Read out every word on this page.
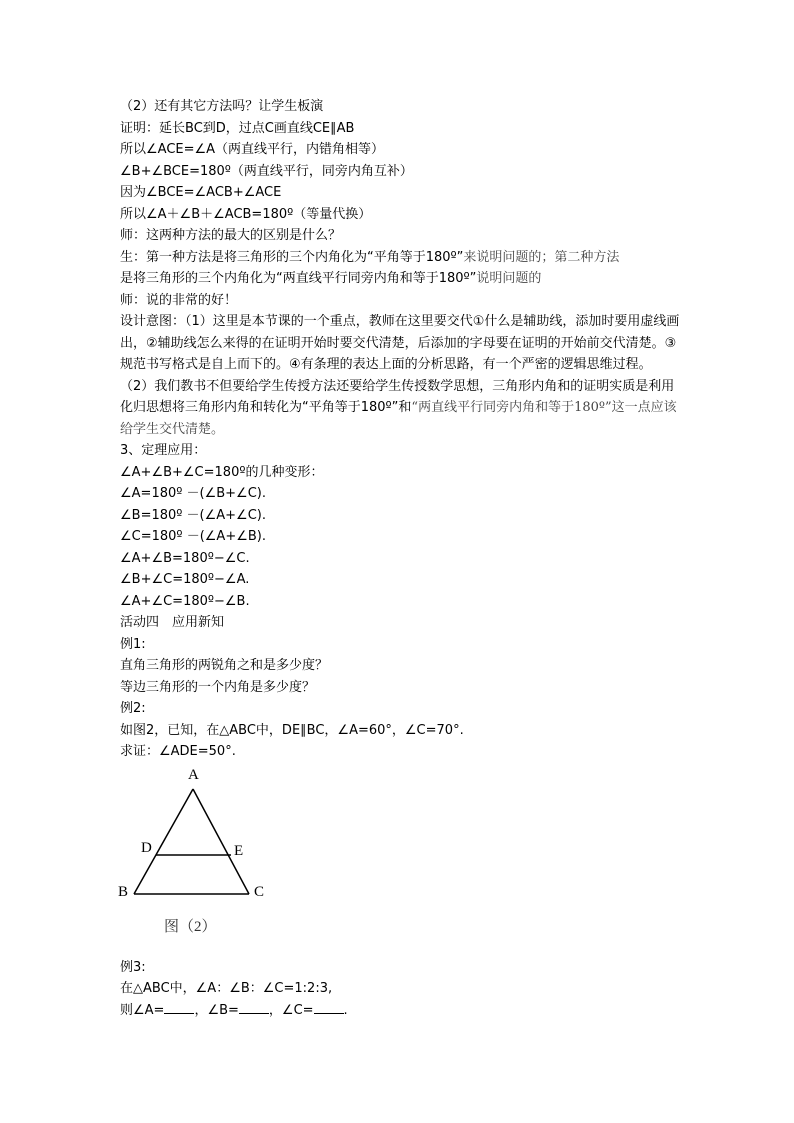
（2）还有其它方法吗？让学生板演
证明：延长BC到D，过点C画直线CE∥AB
所以∠ACE=∠A（两直线平行，内错角相等）
∠B+∠BCE=180º（两直线平行，同旁内角互补）
因为∠BCE=∠ACB+∠ACE
所以∠A＋∠B＋∠ACB=180º（等量代换）
师：这两种方法的最大的区别是什么？
生：第一种方法是将三角形的三个内角化为“平角等于180º”来说明问题的；第二种方法
是将三角形的三个内角化为“两直线平行同旁内角和等于180º”说明问题的
师：说的非常的好！
设计意图：（1）这里是本节课的一个重点，教师在这里要交代①什么是辅助线，添加时要用虚线画出，②辅助线怎么来得的在证明开始时要交代清楚，后添加的字母要在证明的开始前交代清楚。③规范书写格式是自上而下的。④有条理的表达上面的分析思路，有一个严密的逻辑思维过程。
（2）我们教书不但要给学生传授方法还要给学生传授数学思想，三角形内角和的证明实质是利用化归思想将三角形内角和转化为“平角等于180º”和“两直线平行同旁内角和等于180º”这一点应该给学生交代清楚。
3、定理应用：
∠A+∠B+∠C=180º的几种变形：
∠A=180º －(∠B+∠C).
∠B=180º －(∠A+∠C).
∠C=180º －(∠A+∠B).
∠A+∠B=180º−∠C.
∠B+∠C=180º−∠A.
∠A+∠C=180º−∠B.
活动四　应用新知
例1:
直角三角形的两锐角之和是多少度？
等边三角形的一个内角是多少度？
例2:
如图2，已知，在△ABC中，DE∥BC，∠A=60°，∠C=70°.
求证：∠ADE=50°.
A
D	E
B	C
图（2）
例3:
在△ABC中，∠A：∠B：∠C=1:2:3,
则∠A= ，∠B= ，∠C= .
